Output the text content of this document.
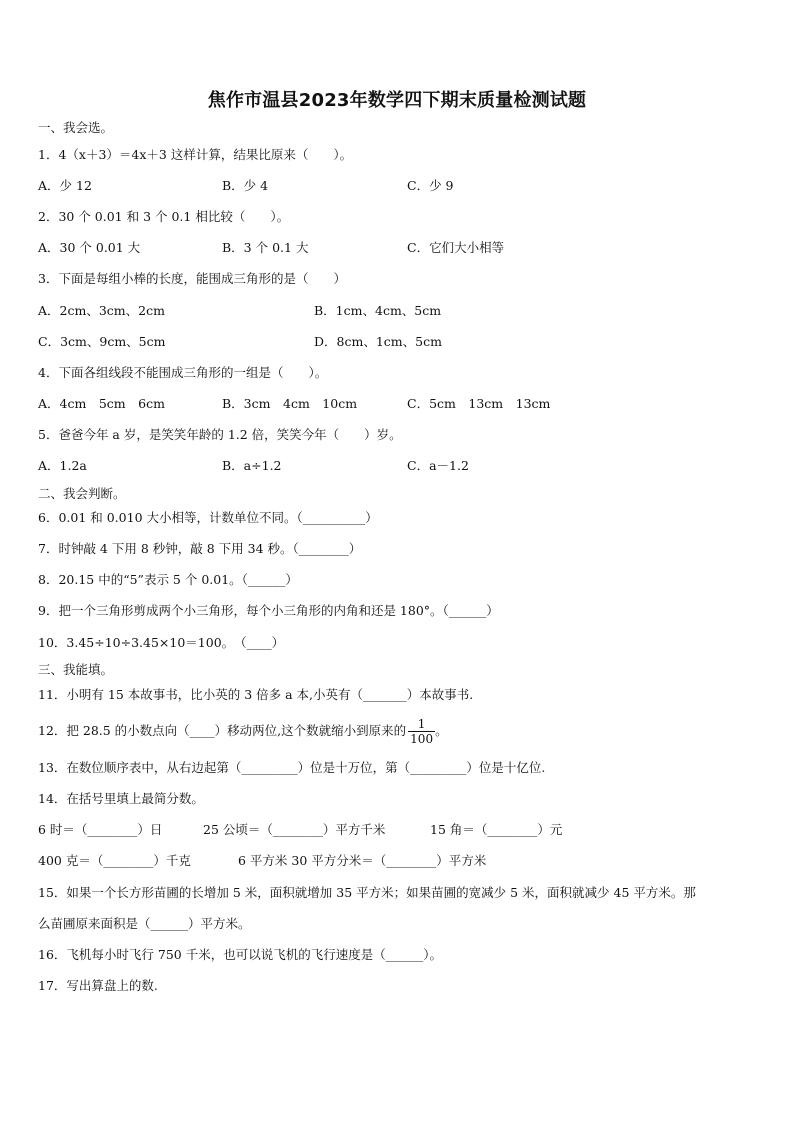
焦作市温县2023年数学四下期末质量检测试题
一、我会选。
1．4（x＋3）＝4x＋3 这样计算，结果比原来（　　）。
A．少 12	B．少 4	C．少 9
2．30 个 0.01 和 3 个 0.1 相比较（　　）。
A．30 个 0.01 大	B．3 个 0.1 大	C．它们大小相等
3．下面是每组小棒的长度，能围成三角形的是（　　）
A．2cm、3cm、2cm	B．1cm、4cm、5cm
C．3cm、9cm、5cm	D．8cm、1cm、5cm
4．下面各组线段不能围成三角形的一组是（　　）。
A．4cm　5cm　6cm	B．3cm　4cm　10cm	C．5cm　13cm　13cm
5．爸爸今年 a 岁，是笑笑年龄的 1.2 倍，笑笑今年（　　）岁。
A．1.2a	B．a÷1.2	C．a－1.2
二、我会判断。
6．0.01 和 0.010 大小相等，计数单位不同。（__________）
7．时钟敲 4 下用 8 秒钟，敲 8 下用 34 秒。（________）
8．20.15 中的“5”表示 5 个 0.01。（______）
9．把一个三角形剪成两个小三角形，每个小三角形的内角和还是 180°。（______）
10．3.45÷10÷3.45×10＝100。　（____）
三、我能填。
11．小明有 15 本故事书，比小英的 3 倍多 a 本,小英有（_______）本故事书.
12．把 28.5 的小数点向（____）移动两位,这个数就缩小到原来的 $\frac{1}{100}$ 。
13．在数位顺序表中，从右边起第（_________）位是十万位，第（_________）位是十亿位.
14．在括号里填上最简分数。
6 时＝（________）日	25 公顷＝（________）平方千米	15 角＝（________）元
400 克＝（________）千克	6 平方米 30 平方分米＝（________）平方米
15．如果一个长方形苗圃的长增加 5 米，面积就增加 35 平方米；如果苗圃的宽减少 5 米，面积就减少 45 平方米。那
么苗圃原来面积是（______）平方米。
16．飞机每小时飞行 750 千米，也可以说飞机的飞行速度是（______）。
17．写出算盘上的数.
